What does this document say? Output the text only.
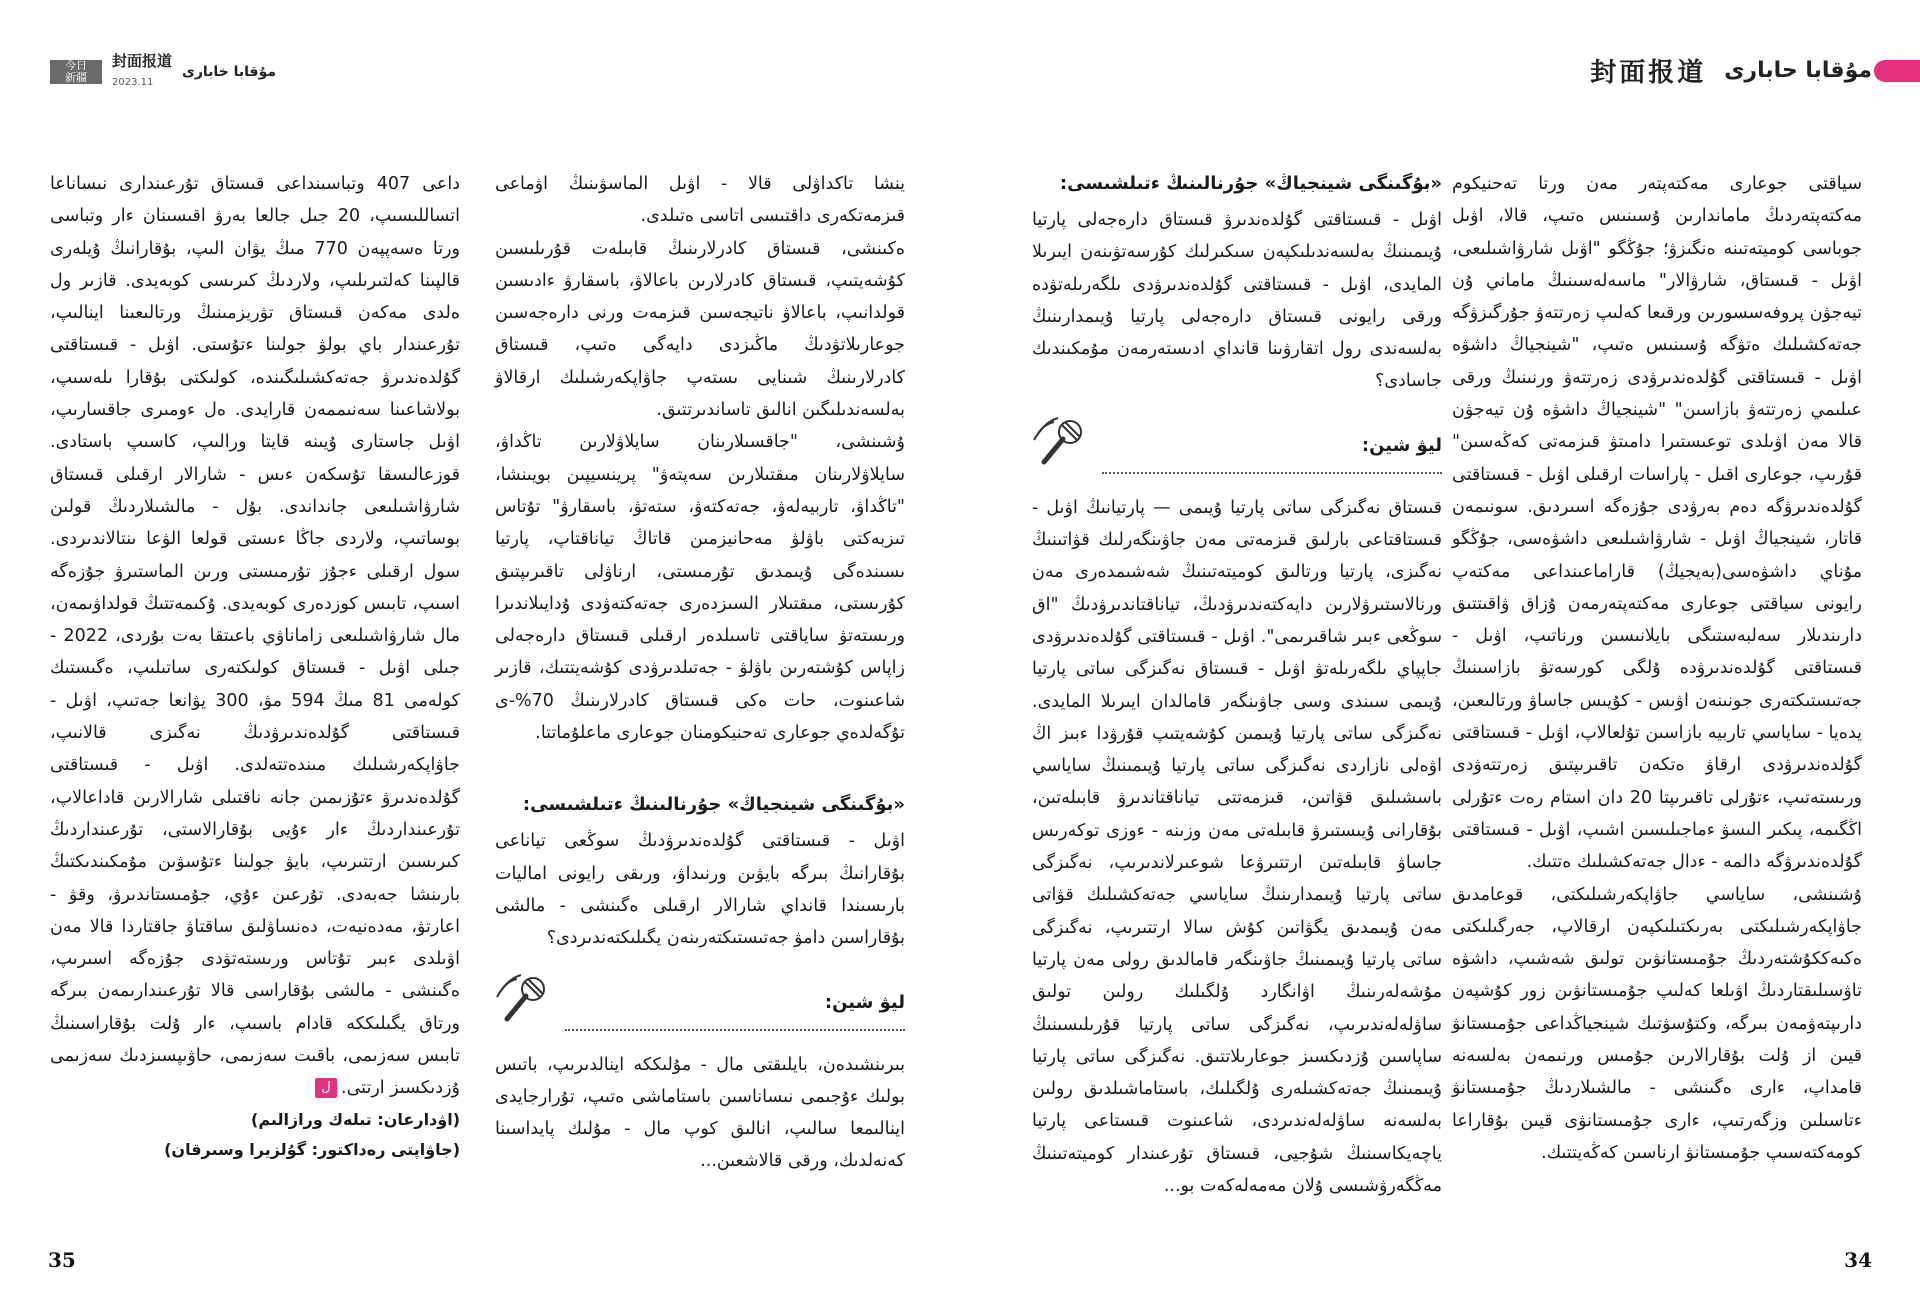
今日
新疆
封面报道
2023.11
مۇقابا خابارى

ينشا تاكداۋلى قالا - اۋىل الماسۋىنىڭ اۋماعى قىزمەتكەرى داقتىسى اتاسى ەتىلدى.

ەكىنشى، قىستاق كادرلارىنىڭ قابىلەت قۇرىلىسىن كۇشەيتىپ، قىستاق كادرلارىن باعالاۋ، باسقارۋ ءادىسىن قولدانىپ، باعالاۋ ناتيجەسىن قىزمەت ورنى دارەجەسىن جوعارىلاتۋدىڭ ماڭىزدى دايەگى ەتىپ، قىستاق كادرلارىنىڭ شىنايى ىستەپ جاۋاپكەرشىلىك ارقالاۋ بەلسەندىلىگىن انالىق تاساندىرتتىق.

ۇشىنشى، "جاقسىلارىنان سايلاۋلارىن تاڭداۋ، سايلاۋلارىنان مىقتىلارىن سەپتەۋ" پرينسيپىن بويىنشا، "تاڭداۋ، تاربيەلەۋ، جەتەكتەۋ، ستەتۋ، باسقارۋ" تۇتاس تىزبەكتى باۋلۋ مەحانيزمىن قاتاڭ تياناقتاپ، پارتيا ىسىندەگى ۇيىمدىق تۇرمىستى، ارناۋلى تاقىرىپتىق كۇرىستى، مىقتىلار السىزدەرى جەتەكتەۋدى ۇدايىلاندىرا ورىستەتۋ ساياقتى تاسىلدەر ارقىلى قىستاق دارەجەلى زاپاس كۇشتەرىن باۋلۋ - جەتىلدىرۋدى كۇشەيتتىك، قازىر شاعىنوت، حات ەكى قىستاق كادرلارىنىڭ 70%-ى تۇگەلدەي جوعارى تەحنيكومنان جوعارى ماعلۇماتتا.

«بۇگىنگى شينجياڭ» جۇرنالىنىڭ ءتىلشىسى:

اۋىل - قىستاقتى گۇلدەندىرۋدىڭ سوڭعى تياناعى بۇقارانىڭ بىرگە بايۋىن ورنىداۋ، ورىقى رايونى اماليات بارىسىندا قانداي شارالار ارقىلى ەگىنشى - مالشى بۇقاراسىن دامۋ جەتىستىكتەرىنەن يگىلىكتەندىردى؟

ليۋ شين:

بىرىنشىدەن، بايلىقتى مال - مۇلىككە اينالدىرىپ، باتىس بولىك ءۇجىمى نىساناسىن باستاماشى ەتىپ، تۇرارجايدى اينالىمعا سالىپ، انالىق كوپ مال - مۇلىك پايداسىنا كەنەلدىك، ورقى قالاشعىن...

داعى 407 وتباسىنداعى قىستاق تۇرعىندارى نىساناعا اتساللىسىپ، 20 جىل جالعا بەرۋ اقىسىنان ءار وتباسى ورتا ەسەپپەن 770 مىڭ يۋان الىپ، بۇقارانىڭ ۇيلەرى قالپىنا كەلتىرىلىپ، ولاردىڭ كىرىسى كوبەيدى. قازىر ول ەلدى مەكەن قىستاق تۋريزمىنىڭ ورتالىعىنا اينالىپ، تۇرعىندار باي بولۋ جولىنا ءتۇستى. اۋىل - قىستاقتى گۇلدەندىرۋ جەتەكشىلىگىندە، كولىكتى بۇقارا ىلەسىپ، بولاشاعىنا سەنىممەن قارايدى. ەل ءومىرى جاقسارىپ، اۋىل جاستارى ۇيىنە قايتا ورالىپ، كاسىپ باستادى. قوزعالىسقا تۇسكەن ءىس - شارالار ارقىلى قىستاق شارۋاشىلىعى جانداندى. بۇل - مالشىلاردىڭ قولىن بوساتىپ، ولاردى جاڭا ءىستى قولعا الۋعا ىنتالاندىردى. سول ارقىلى ءجۇز تۇرمىستى ورىن الماستىرۋ جۇزەگە اسىپ، تابىس كوزدەرى كوبەيدى. ۇكىمەتتىڭ قولداۋىمەن، مال شارۋاشىلىعى زاماناۋي باعىتقا بەت بۇردى، 2022 - جىلى اۋىل - قىستاق كولىكتەرى ساتىلىپ، ەگىستىك كولەمى 81 مىڭ 594 مۋ، 300 يۋانعا جەتىپ، اۋىل - قىستاقتى گۇلدەندىرۋدىڭ نەگىزى قالانىپ، جاۋاپكەرشىلىك مىندەتتەلدى. اۋىل - قىستاقتى گۇلدەندىرۋ ءتۇزىمىن جانە ناقتىلى شارالارىن قاداعالاپ، تۇرعىنداردىڭ ءار ءۇيى بۇقارالاستى، تۇرعىنداردىڭ كىرىسىن ارتتىرىپ، بايۋ جولىنا ءتۇسۋىن مۇمكىندىكتىڭ بارىنشا جەبەدى. تۇرعىن ءۇي، جۇمىستاندىرۋ، وقۋ - اعارتۋ، مەدەنيەت، دەنساۋلىق ساقتاۋ جاقتاردا قالا مەن اۋىلدى ءبىر تۇتاس ورىستەتۋدى جۇزەگە اسىرىپ، ەگىنشى - مالشى بۇقاراسى قالا تۇرعىندارىمەن بىرگە ورتاق يگىلىككە قادام باسىپ، ءار ۇلت بۇقاراسىنىڭ تابىس سەزىمى، باقىت سەزىمى، حاۋىپسىزدىك سەزىمى ۇزدىكسىز ارتتى.ل

(اۋدارعان: تىلەك ورازالىم)
(جاۋاپتى رەداكتور: گۇلزيرا وسىرقان)
35
封面报道 مۇقابا حابارى

سياقتى جوعارى مەكتەپتەر مەن ورتا تەحنيكوم مەكتەپتەردىڭ ماماندارىن ۇسىنىس ەتىپ، قالا، اۋىل جوباسى كوميتەتىنە ەنگىزۋ؛ جۇڭگو "اۋىل شارۋاشىلىعى، اۋىل - قىستاق، شارۋالار" ماسەلەسىنىڭ ماماني ۇن تيەجۋن پروفەسسورىن ورقىعا كەلىپ زەرتتەۋ جۇرگىزۋگە جەتەكشىلىك ەتۋگە ۇسىنىس ەتىپ، "شينجياڭ داشۋە اۋىل - قىستاقتى گۇلدەندىرۋدى زەرتتەۋ ورنىنىڭ ورقى عىلىمي زەرتتەۋ بازاسىن" "شينجياڭ داشۋە ۇن تيەجۋن قالا مەن اۋىلدى توعىستىرا دامىتۋ قىزمەتى كەڭەسىن" قۇرىپ، جوعارى اقىل - پاراسات ارقىلى اۋىل - قىستاقتى گۇلدەندىرۋگە دەم بەرۋدى جۇزەگە اسىردىق. سونىمەن قاتار، شينجياڭ اۋىل - شارۋاشىلىعى داشۋەسى، جۇڭگو مۇناي داشۋەسى(بەيجيڭ) قاراماعىنداعى مەكتەپ رايونى سياقتى جوعارى مەكتەپتەرمەن ۇزاق ۋاقىتتىق دارىندىلار سەلبەستىگى بايلانىسىن ورناتىپ، اۋىل - قىستاقتى گۇلدەندىرۋدە ۇلگى كورسەتۋ بازاسىنىڭ جەتىستىكتەرى جونىنەن اۋىس - كۇيىس جاساۋ ورتالىعىن، يدەيا - ساياسي تاربيە بازاسىن تۇلعالاپ، اۋىل - قىستاقتى گۇلدەندىرۋدى ارقاۋ ەتكەن تاقىرىپتىق زەرتتەۋدى ورىستەتىپ، ءتۇرلى تاقىرىپتا 20 دان استام رەت ءتۇرلى اڭگىمە، پىكىر الىسۋ ءماجىلىسىن اشىپ، اۋىل - قىستاقتى گۇلدەندىرۋگە دالمە - ءدال جەتەكشىلىك ەتتىك.

ۇشىنشى، ساياسي جاۋاپكەرشىلىكتى، قوعامدىق جاۋاپكەرشىلىكتى بەرىكتىلىكپەن ارقالاپ، جەرگىلىكتى ەكىەككۇشتەردىڭ جۇمىستانۋىن تولىق شەشىپ، داشۋە تاۋسىلىقتاردىڭ اۋىلعا كەلىپ جۇمىستانۋىن زور كۇشپەن دارىپتەۋمەن بىرگە، وكتۇسۋتىك شينجياڭداعى جۇمىستانۋ قيىن از ۇلت بۇقارالارىن جۇمىس ورنىمەن بەلسەنە قامداپ، ءارى ەگىنشى - مالشىلاردىڭ جۇمىستانۋ ءتاسىلىن وزگەرتىپ، ءارى جۇمىستانۋى قيىن بۇقاراعا كومەكتەسىپ جۇمىستانۋ ارناسىن كەڭەيتتىك.

«بۇگىنگى شينجياڭ» جۇرنالىنىڭ ءتىلشىسى:

اۋىل - قىستاقتى گۇلدەندىرۋ قىستاق دارەجەلى پارتيا ۇيىمىنىڭ بەلسەندىلىكپەن سىكىرلىك كۇرسەتۋىنەن ايىرىلا المايدى، اۋىل - قىستاقتى گۇلدەندىرۋدى ىلگەرىلەتۋدە ورقى رايونى قىستاق دارەجەلى پارتيا ۇيىمدارىنىڭ بەلسەندى رول اتقارۋىنا قانداي ادىستەرمەن مۇمكىندىك جاسادى؟

ليۋ شين:

قىستاق نەگىزگى ساتى پارتيا ۇيىمى — پارتيانىڭ اۋىل - قىستاقتاعى بارلىق قىزمەتى مەن جاۋىنگەرلىك قۋاتىنىڭ نەگىزى، پارتيا ورتالىق كوميتەتىنىڭ شەشىمدەرى مەن ورنالاستىرۋلارىن دايەكتەندىرۋدىڭ، تياناقتاندىرۋدىڭ "اق سوڭعى ءبىر شاقىرىمى". اۋىل - قىستاقتى گۇلدەندىرۋدى جاپپاي ىلگەرىلەتۋ اۋىل - قىستاق نەگىزگى ساتى پارتيا ۇيىمى سىندى وسى جاۋىنگەر قامالدان ايىرىلا المايدى. نەگىزگى ساتى پارتيا ۇيىمىن كۇشەيتىپ قۇرۋدا ءبىز اڭ اۋەلى نازاردى نەگىزگى ساتى پارتيا ۇيىمىنىڭ ساياسي باسشىلىق قۋاتىن، قىزمەتتى تياناقتاندىرۋ قابىلەتىن، بۇقارانى ۇيىستىرۋ قابىلەتى مەن وزىنە - ءوزى توكەرىس جاساۋ قابىلەتىن ارتتىرۋعا شوعىرلاندىرىپ، نەگىزگى ساتى پارتيا ۇيىمدارىنىڭ ساياسي جەتەكشىلىك قۋاتى مەن ۇيىمدىق يگۋاتىن كۇش سالا ارتتىرىپ، نەگىزگى ساتى پارتيا ۇيىمىنىڭ جاۋىنگەر قامالدىق رولى مەن پارتيا مۇشەلەرىنىڭ اۋانگارد ۇلگىلىك رولىن تولىق ساۋلەلەندىرىپ، نەگىزگى ساتى پارتيا قۇرىلىسىنىڭ ساپاسىن ۇزدىكسىز جوعارىلاتتىق. نەگىزگى ساتى پارتيا ۇيىمىنىڭ جەتەكشىلەرى ۇلگىلىك، باستاماشىلدىق رولىن بەلسەنە ساۋلەلەندىردى، شاعىنوت قىستاعى پارتيا ياچەيكاسىنىڭ شۇجيى، قىستاق تۇرعىندار كوميتەتىنىڭ مەڭگەرۋشىسى ۇلان مەمەلەكەت بو...

34
